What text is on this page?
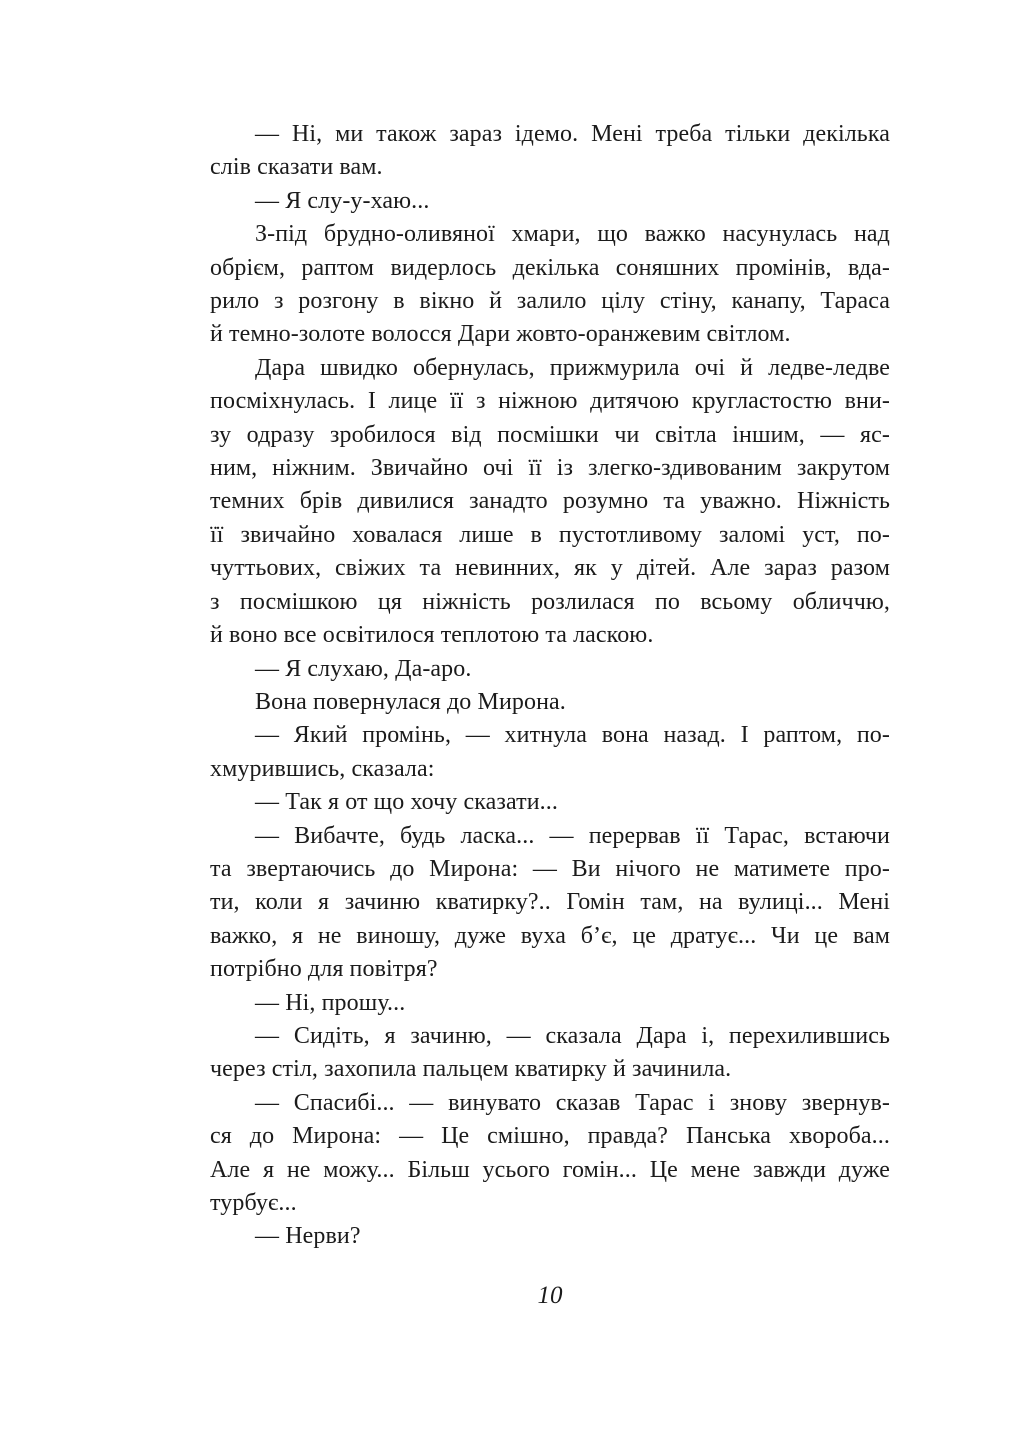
— Ні, ми також зараз ідемо. Мені треба тільки декілька
слів сказати вам.

— Я слу-у-хаю...

З-під брудно-оливяної хмари, що важко насунулась над
обрієм, раптом видерлось декілька соняшних промінів, вда-
рило з розгону в вікно й залило цілу стіну, канапу, Тараса
й темно-золоте волосся Дари жовто-оранжевим світлом.

Дара швидко обернулась, прижмурила очі й ледве-ледве
посміхнулась. І лице її з ніжною дитячою кругластостю вни-
зу одразу зробилося від посмішки чи світла іншим, — яс-
ним, ніжним. Звичайно очі її із злегко-здивованим закрутом
темних брів дивилися занадто розумно та уважно. Ніжність
її звичайно ховалася лише в пустотливому заломі уст, по-
чуттьових, свіжих та невинних, як у дітей. Але зараз разом
з посмішкою ця ніжність розлилася по всьому обличчю,
й воно все освітилося теплотою та ласкою.

— Я слухаю, Да-аро.

Вона повернулася до Мирона.

— Який промінь, — хитнула вона назад. І раптом, по-
хмурившись, сказала:

— Так я от що хочу сказати...

— Вибачте, будь ласка... — перервав її Тарас, встаючи
та звертаючись до Мирона: — Ви нічого не матимете про-
ти, коли я зачиню кватирку?.. Гомін там, на вулиці... Мені
важко, я не виношу, дуже вуха б’є, це дратує... Чи це вам
потрібно для повітря?

— Ні, прошу...

— Сидіть, я зачиню, — сказала Дара і, перехилившись
через стіл, захопила пальцем кватирку й зачинила.

— Спасибі... — винувато сказав Тарас і знову звернув-
ся до Мирона: — Це смішно, правда? Панська хвороба...
Але я не можу... Більш усього гомін... Це мене завжди дуже
турбує...

— Нерви?

10
